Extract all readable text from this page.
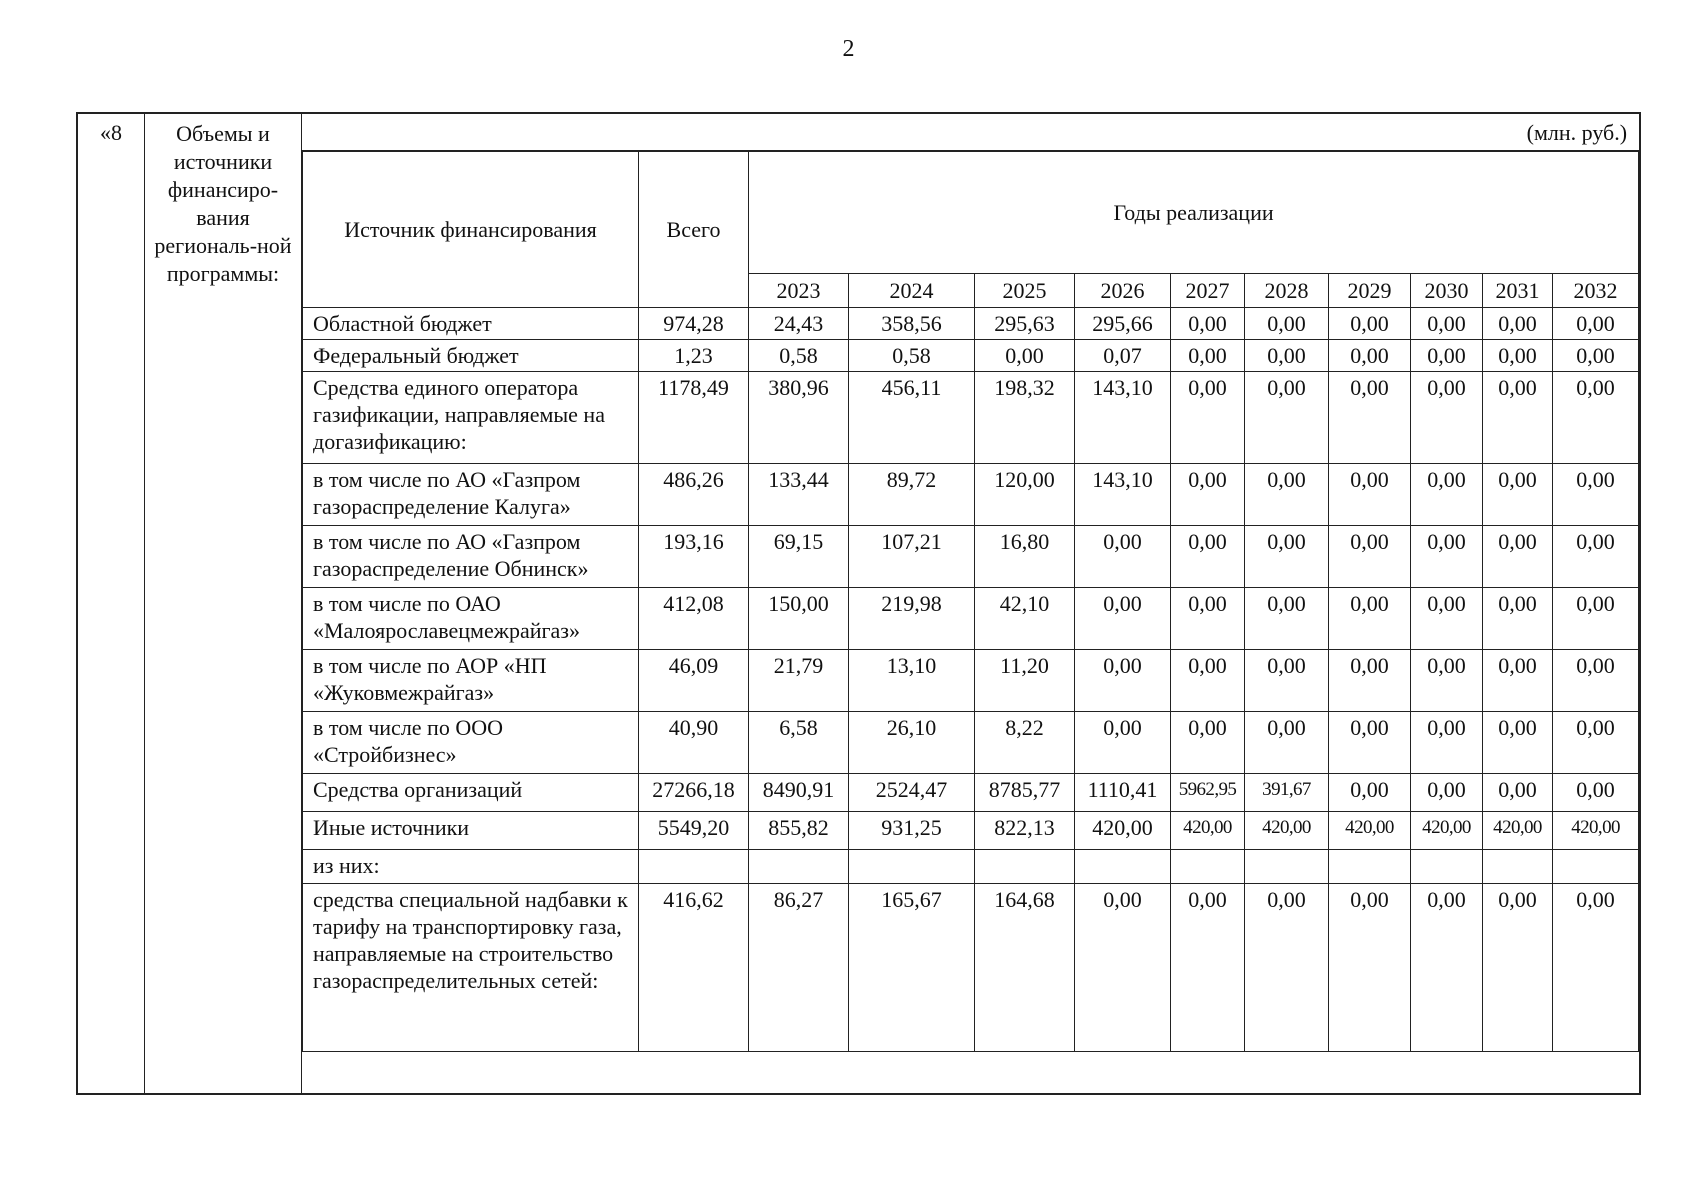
2
«8	Объемы и источники финансиро-вания региональ-ной программы:	
(млн. руб.)
Источник финансирования	Всего	Годы реализации
2023	2024	2025	2026	2027	2028	2029	2030	2031	2032
Областной бюджет	974,28	24,43	358,56	295,63	295,66	0,00	0,00	0,00	0,00	0,00	0,00
Федеральный бюджет	1,23	0,58	0,58	0,00	0,07	0,00	0,00	0,00	0,00	0,00	0,00
Средства единого оператора газификации, направляемые на догазификацию:	1178,49	380,96	456,11	198,32	143,10	0,00	0,00	0,00	0,00	0,00	0,00
в том числе по АО «Газпром газораспределение Калуга»	486,26	133,44	89,72	120,00	143,10	0,00	0,00	0,00	0,00	0,00	0,00
в том числе по АО «Газпром газораспределение Обнинск»	193,16	69,15	107,21	16,80	0,00	0,00	0,00	0,00	0,00	0,00	0,00
в том числе по ОАО «Малоярославецмежрайгаз»	412,08	150,00	219,98	42,10	0,00	0,00	0,00	0,00	0,00	0,00	0,00
в том числе по АОР «НП «Жуковмежрайгаз»	46,09	21,79	13,10	11,20	0,00	0,00	0,00	0,00	0,00	0,00	0,00
в том числе по ООО «Стройбизнес»	40,90	6,58	26,10	8,22	0,00	0,00	0,00	0,00	0,00	0,00	0,00
Средства организаций	27266,18	8490,91	2524,47	8785,77	1110,41	5962,95	391,67	0,00	0,00	0,00	0,00
Иные источники	5549,20	855,82	931,25	822,13	420,00	420,00	420,00	420,00	420,00	420,00	420,00
из них:											
средства специальной надбавки к тарифу на транспортировку газа, направляемые на строительство газораспределительных сетей:	416,62	86,27	165,67	164,68	0,00	0,00	0,00	0,00	0,00	0,00	0,00
